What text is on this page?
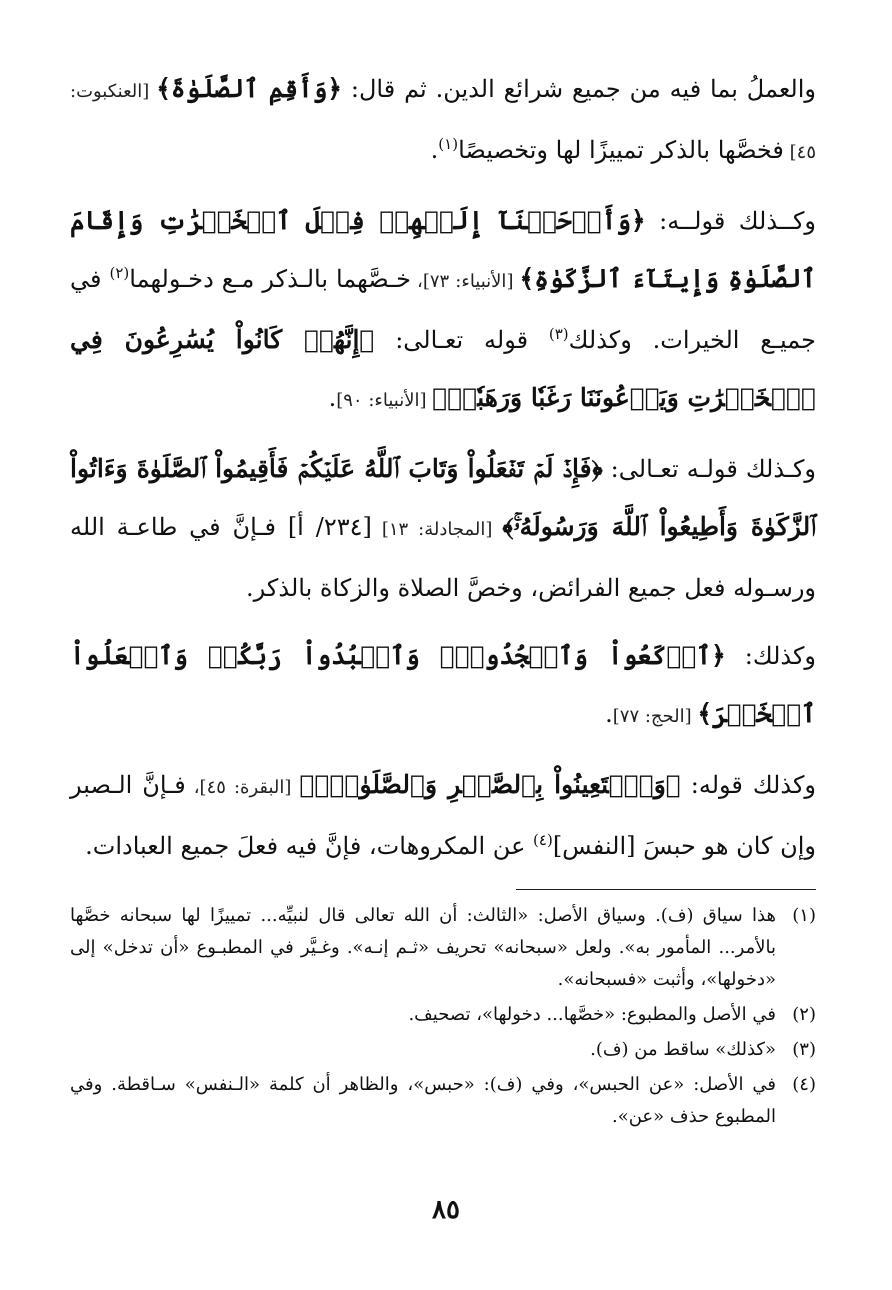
والعملُ بما فيه من جميع شرائع الدين. ثم قال: ﴿وَأَقِمِ ٱلصَّلَوٰةَ﴾ [العنكبوت: ٤٥] فخصَّها بالذكر تمييزًا لها وتخصيصًا$^{(١)}$.

وكــذلك قولــه: ﴿وَأَوۡحَيۡنَآ إِلَيۡهِمۡ فِعۡلَ ٱلۡخَيۡرَٰتِ وَإِقَامَ ٱلصَّلَوٰةِ وَإِيتَآءَ ٱلزَّكَوٰةِ﴾ [الأنبياء: ٧٣]، خـصَّهما بالـذكر مـع دخـولهما$^{(٢)}$ في جميـع الخيرات. وكذلك$^{(٣)}$ قوله تعـالى: ﴿إِنَّهُمۡ كَانُواْ يُسَٰرِعُونَ فِي ٱلۡخَيۡرَٰتِ وَيَدۡعُونَنَا رَغَبٗا وَرَهَبٗاۖ﴾ [الأنبياء: ٩٠].

وكـذلك قولـه تعـالى: ﴿فَإِذۡ لَمۡ تَفۡعَلُواْ وَتَابَ ٱللَّهُ عَلَيۡكُمۡ فَأَقِيمُواْ ٱلصَّلَوٰةَ وَءَاتُواْ ٱلزَّكَوٰةَ وَأَطِيعُواْ ٱللَّهَ وَرَسُولَهُۥۚ﴾ [المجادلة: ١٣] [٢٣٤/ أ] فـإنَّ في طاعـة الله ورسـوله فعل جميع الفرائض، وخصَّ الصلاة والزكاة بالذكر.

وكذلك: ﴿ٱرۡكَعُواْ وَٱسۡجُدُواْۤ وَٱعۡبُدُواْ رَبَّكُمۡ وَٱفۡعَلُواْ ٱلۡخَيۡرَ﴾ [الحج: ٧٧].

وكذلك قوله: ﴿وَٱسۡتَعِينُواْ بِٱلصَّبۡرِ وَٱلصَّلَوٰةِۚ﴾ [البقرة: ٤٥]، فـإنَّ الـصبر وإن كان هو حبسَ [النفس]$^{(٤)}$ عن المكروهات، فإنَّ فيه فعلَ جميع العبادات.

(١)
هذا سياق (ف). وسياق الأصل: «الثالث: أن الله تعالى قال لنبيِّه... تمييزًا لها سبحانه خصَّها بالأمر... المأمور به». ولعل «سبحانه» تحريف «ثـم إنـه». وغـيَّر في المطبـوع «أن تدخل» إلى «دخولها»، وأثبت «فسبحانه».
(٢)
في الأصل والمطبوع: «خصَّها... دخولها»، تصحيف.
(٣)
«كذلك» ساقط من (ف).
(٤)
في الأصل: «عن الحبس»، وفي (ف): «حبس»، والظاهر أن كلمة «الـنفس» سـاقطة. وفي المطبوع حذف «عن».
٨٥
